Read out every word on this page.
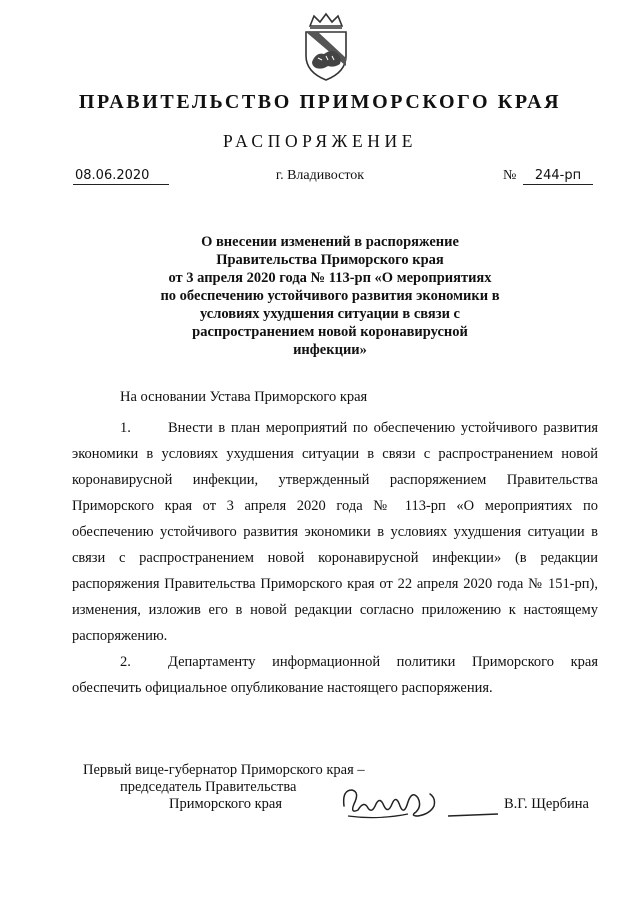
ПРАВИТЕЛЬСТВО ПРИМОРСКОГО КРАЯ
РАСПОРЯЖЕНИЕ
08.06.2020	г. Владивосток	№	244-рп
О внесении изменений в распоряжение
Правительства Приморского края
от 3 апреля 2020 года № 113-рп «О мероприятиях
по обеспечению устойчивого развития экономики в
условиях ухудшения ситуации в связи с
распространением новой коронавирусной
инфекции»
На основании Устава Приморского края
1.	Внести в план мероприятий по обеспечению устойчивого развития экономики в условиях ухудшения ситуации в связи с распространением новой коронавирусной инфекции, утвержденный распоряжением Правительства Приморского края от 3 апреля 2020 года № 113-рп «О мероприятиях по обеспечению устойчивого развития экономики в условиях ухудшения ситуации в связи с распространением новой коронавирусной инфекции» (в редакции распоряжения Правительства Приморского края от 22 апреля 2020 года № 151-рп), изменения, изложив его в новой редакции согласно приложению к настоящему распоряжению.
2.	Департаменту информационной политики Приморского края обеспечить официальное опубликование настоящего распоряжения.
Первый вице-губернатор Приморского края –
председатель Правительства
Приморского края	В.Г. Щербина
